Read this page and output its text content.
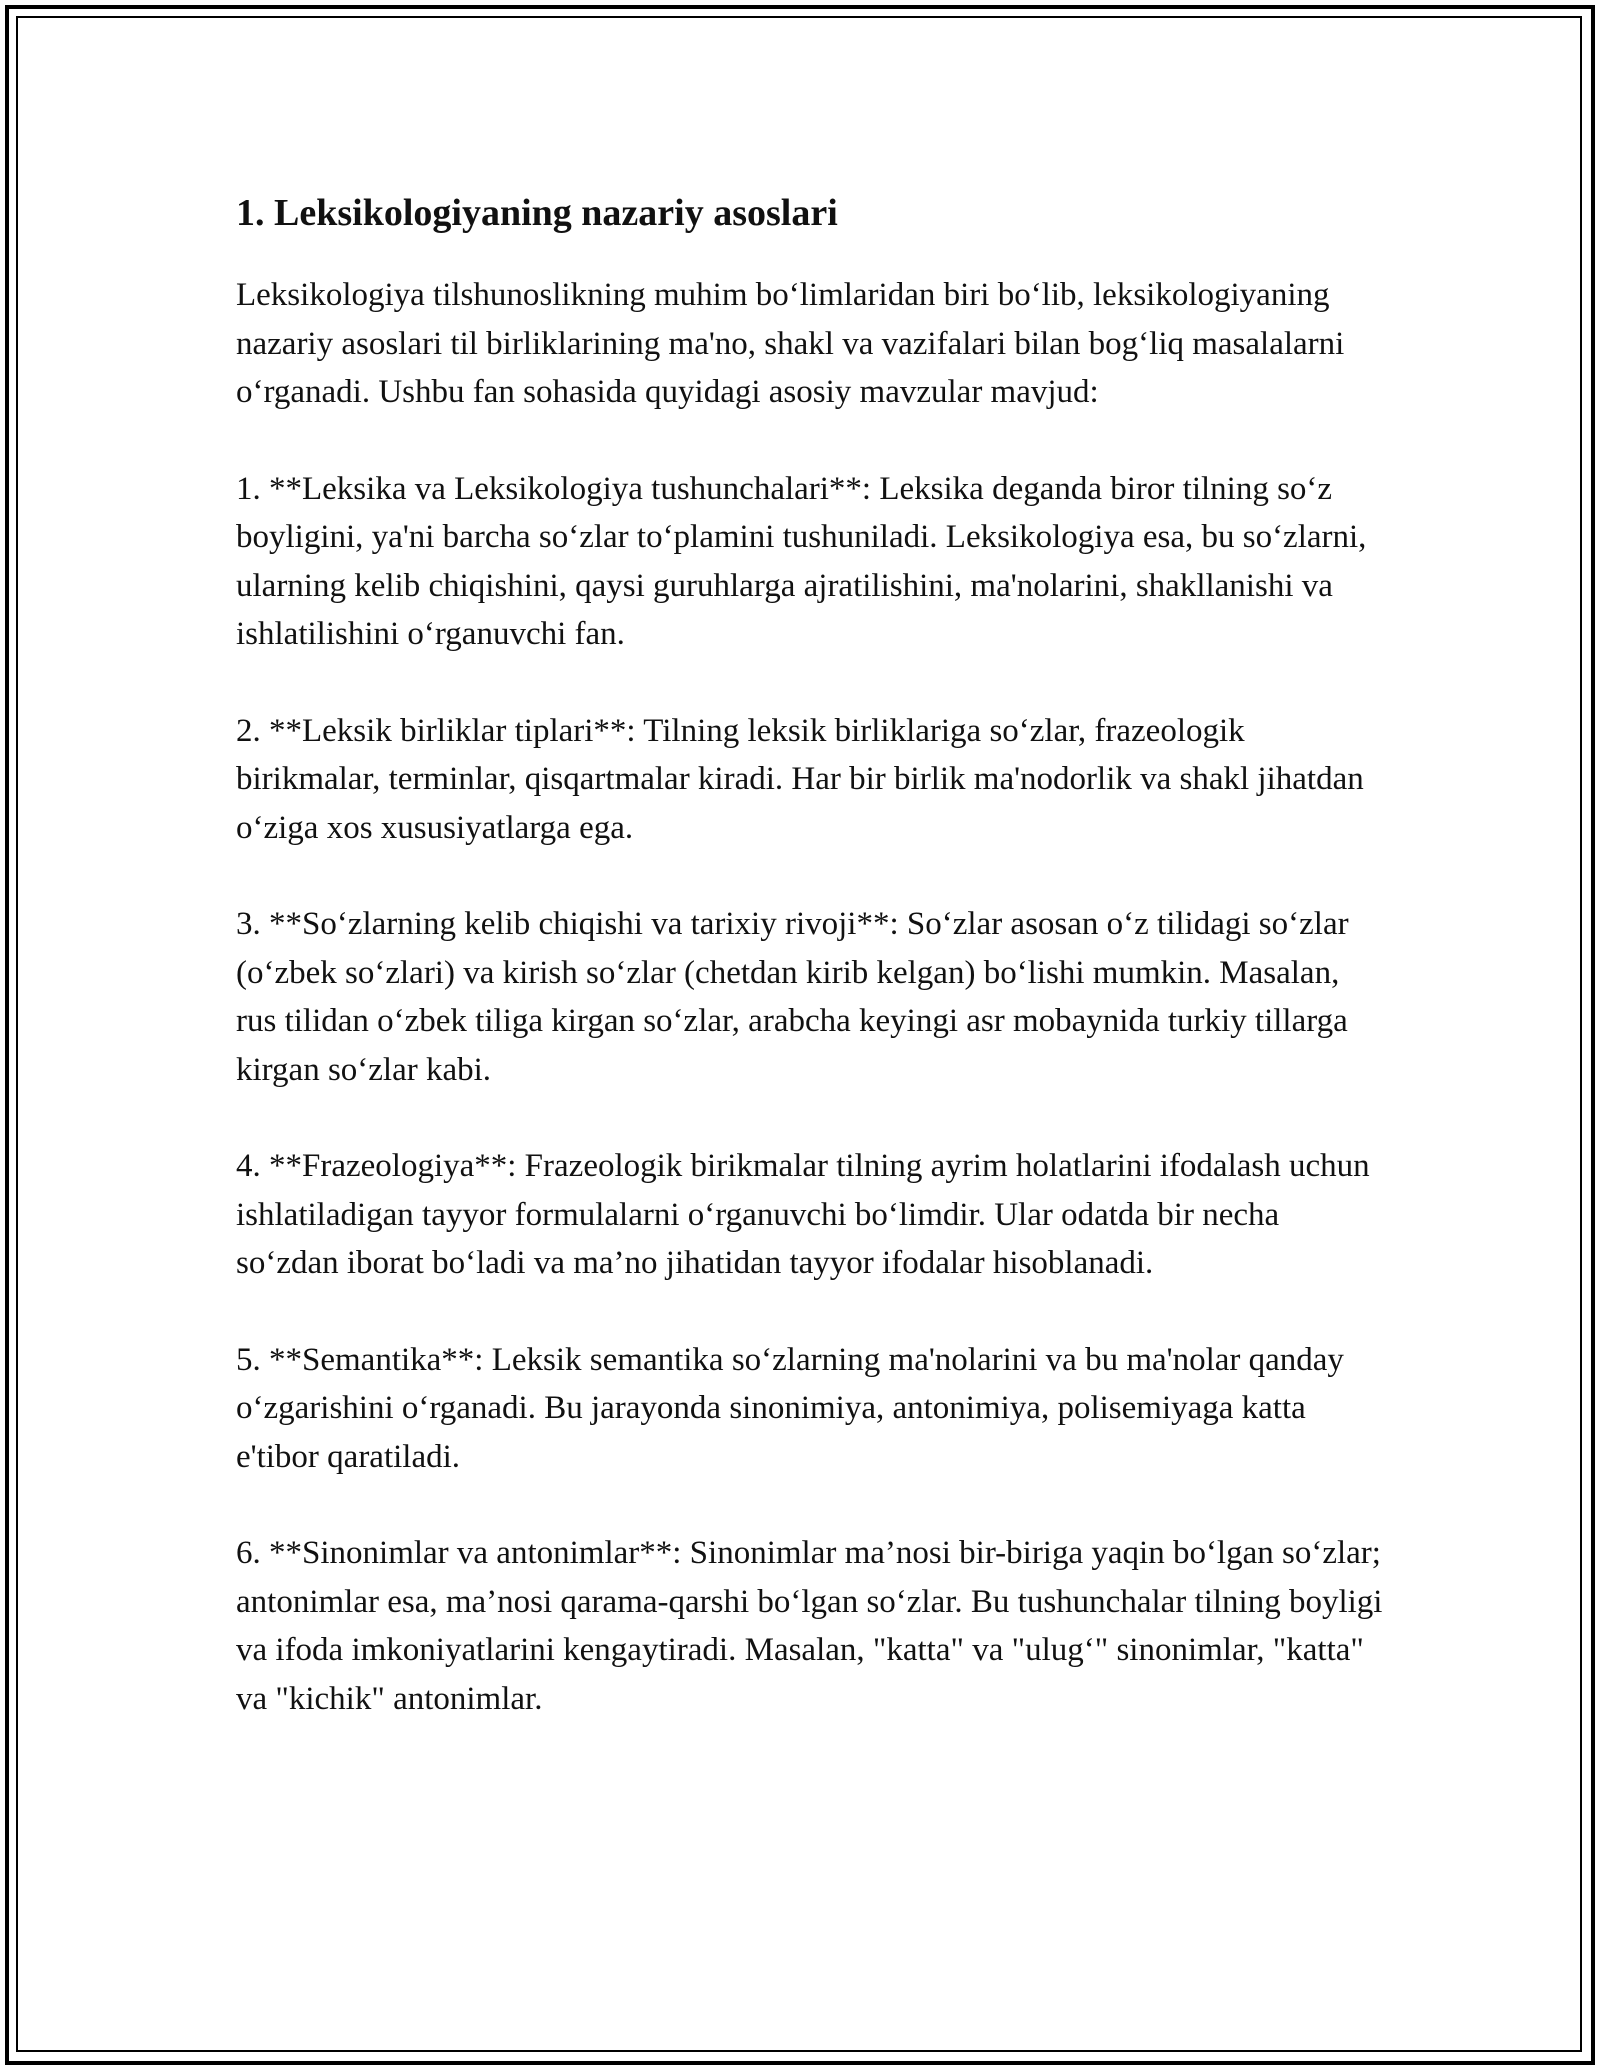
1. Leksikologiyaning nazariy asoslari

Leksikologiya tilshunoslikning muhim bo‘limlaridan biri bo‘lib, leksikologiyaning nazariy asoslari til birliklarining ma'no, shakl va vazifalari bilan bog‘liq masalalarni o‘rganadi. Ushbu fan sohasida quyidagi asosiy mavzular mavjud:

1. **Leksika va Leksikologiya tushunchalari**: Leksika deganda biror tilning so‘z boyligini, ya'ni barcha so‘zlar to‘plamini tushuniladi. Leksikologiya esa, bu so‘zlarni, ularning kelib chiqishini, qaysi guruhlarga ajratilishini, ma'nolarini, shakllanishi va ishlatilishini o‘rganuvchi fan.

2. **Leksik birliklar tiplari**: Tilning leksik birliklariga so‘zlar, frazeologik birikmalar, terminlar, qisqartmalar kiradi. Har bir birlik ma'nodorlik va shakl jihatdan o‘ziga xos xususiyatlarga ega.

3. **So‘zlarning kelib chiqishi va tarixiy rivoji**: So‘zlar asosan o‘z tilidagi so‘zlar (o‘zbek so‘zlari) va kirish so‘zlar (chetdan kirib kelgan) bo‘lishi mumkin. Masalan, rus tilidan o‘zbek tiliga kirgan so‘zlar, arabcha keyingi asr mobaynida turkiy tillarga kirgan so‘zlar kabi.

4. **Frazeologiya**: Frazeologik birikmalar tilning ayrim holatlarini ifodalash uchun ishlatiladigan tayyor formulalarni o‘rganuvchi bo‘limdir. Ular odatda bir necha so‘zdan iborat bo‘ladi va ma’no jihatidan tayyor ifodalar hisoblanadi.

5. **Semantika**: Leksik semantika so‘zlarning ma'nolarini va bu ma'nolar qanday o‘zgarishini o‘rganadi. Bu jarayonda sinonimiya, antonimiya, polisemiyaga katta e'tibor qaratiladi.

6. **Sinonimlar va antonimlar**: Sinonimlar ma’nosi bir-biriga yaqin bo‘lgan so‘zlar; antonimlar esa, ma’nosi qarama-qarshi bo‘lgan so‘zlar. Bu tushunchalar tilning boyligi va ifoda imkoniyatlarini kengaytiradi. Masalan, "katta" va "ulug‘" sinonimlar, "katta" va "kichik" antonimlar.
